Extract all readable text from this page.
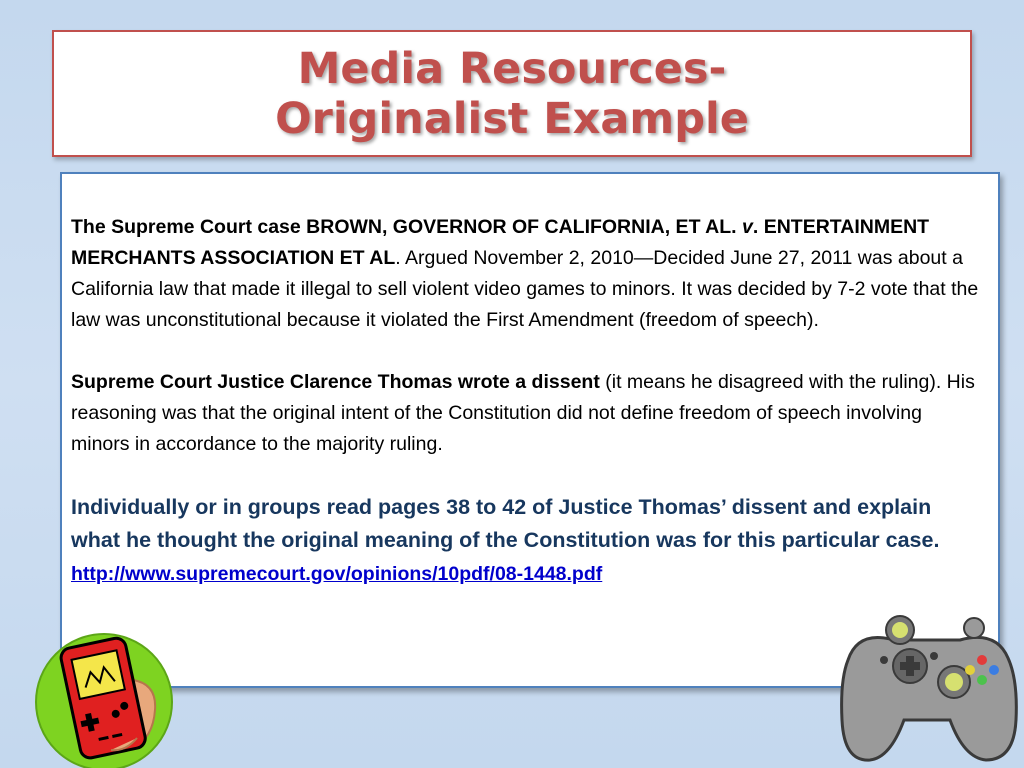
Media Resources-
Originalist Example

The Supreme Court case BROWN, GOVERNOR OF CALIFORNIA, ET AL. v. ENTERTAINMENT MERCHANTS ASSOCIATION ET AL. Argued November 2, 2010—Decided June 27, 2011 was about a California law that made it illegal to sell violent video games to minors. It was decided by 7-2 vote that the law was unconstitutional because it violated the First Amendment (freedom of speech).

Supreme Court Justice Clarence Thomas wrote a dissent (it means he disagreed with the ruling). His reasoning was that the original intent of the Constitution did not define freedom of speech involving minors in accordance to the majority ruling.

Individually or in groups read pages 38 to 42 of Justice Thomas’ dissent and explain what he thought the original meaning of the Constitution was for this particular case. http://www.supremecourt.gov/opinions/10pdf/08-1448.pdf
